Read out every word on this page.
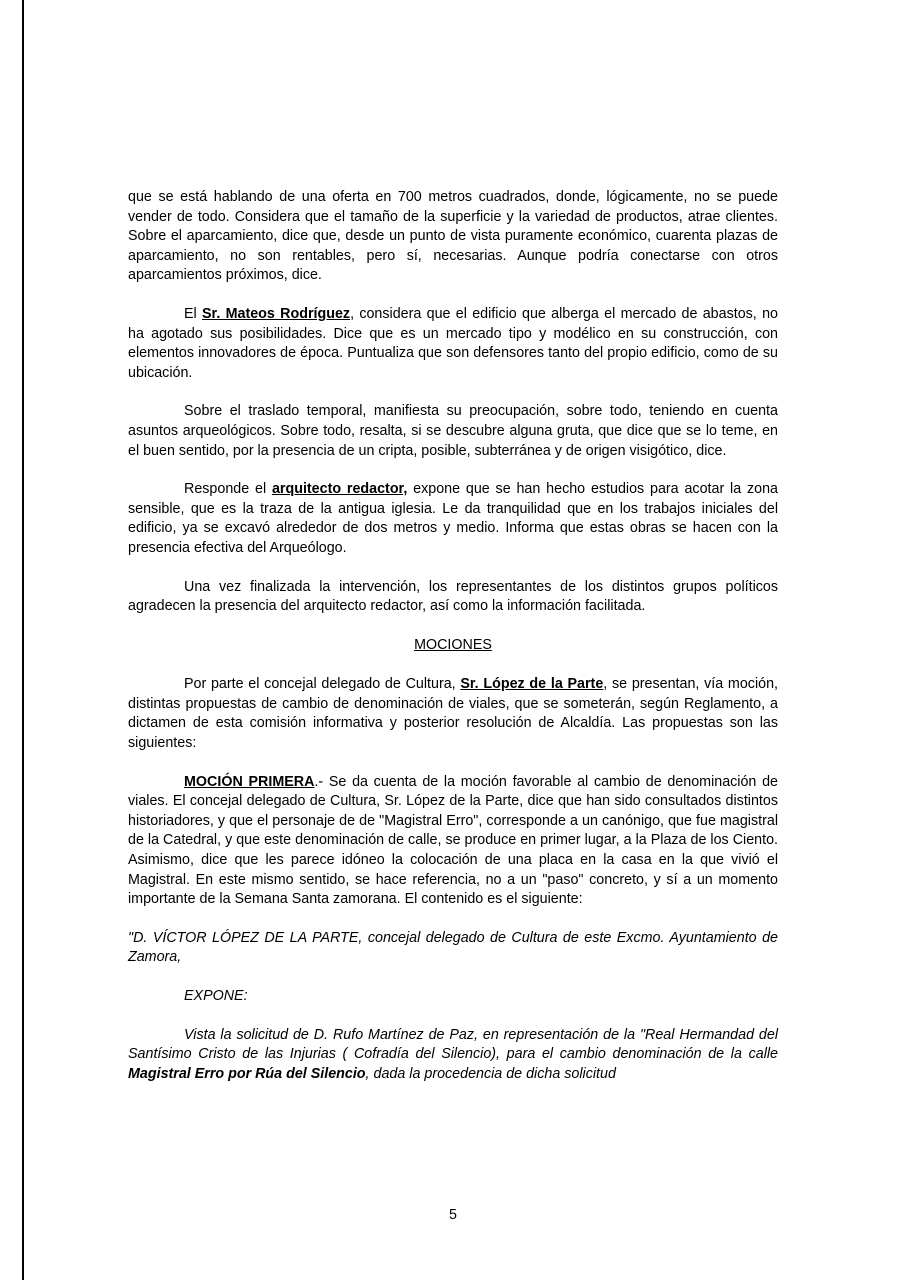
que se está hablando de una oferta en 700 metros cuadrados, donde, lógicamente, no se puede vender de todo. Considera que el tamaño de la superficie y la variedad de productos, atrae clientes. Sobre el aparcamiento, dice que, desde un punto de vista puramente económico, cuarenta plazas de aparcamiento, no son rentables, pero sí, necesarias. Aunque podría conectarse con otros aparcamientos próximos, dice.

El Sr. Mateos Rodríguez, considera que el edificio que alberga el mercado de abastos, no ha agotado sus posibilidades. Dice que es un mercado tipo y modélico en su construcción, con elementos innovadores de época. Puntualiza que son defensores tanto del propio edificio, como de su ubicación.

Sobre el traslado temporal, manifiesta su preocupación, sobre todo, teniendo en cuenta asuntos arqueológicos. Sobre todo, resalta, si se descubre alguna gruta, que dice que se lo teme, en el buen sentido, por la presencia de un cripta, posible, subterránea y de origen visigótico, dice.

Responde el arquitecto redactor, expone que se han hecho estudios para acotar la zona sensible, que es la traza de la antigua iglesia. Le da tranquilidad que en los trabajos iniciales del edificio, ya se excavó alrededor de dos metros y medio. Informa que estas obras se hacen con la presencia efectiva del Arqueólogo.

Una vez finalizada la intervención, los representantes de los distintos grupos políticos agradecen la presencia del arquitecto redactor, así como la información facilitada.

MOCIONES

Por parte el concejal delegado de Cultura, Sr. López de la Parte, se presentan, vía moción, distintas propuestas de cambio de denominación de viales, que se someterán, según Reglamento, a dictamen de esta comisión informativa y posterior resolución de Alcaldía. Las propuestas son las siguientes:

MOCIÓN PRIMERA.- Se da cuenta de la moción favorable al cambio de denominación de viales. El concejal delegado de Cultura, Sr. López de la Parte, dice que han sido consultados distintos historiadores, y que el personaje de de "Magistral Erro", corresponde a un canónigo, que fue magistral de la Catedral, y que este denominación de calle, se produce en primer lugar, a la Plaza de los Ciento. Asimismo, dice que les parece idóneo la colocación de una placa en la casa en la que vivió el Magistral. En este mismo sentido, se hace referencia, no a un "paso" concreto, y sí a un momento importante de la Semana Santa zamorana. El contenido es el siguiente:

"D. VÍCTOR LÓPEZ DE LA PARTE, concejal delegado de Cultura de este Excmo. Ayuntamiento de Zamora,

EXPONE:

Vista la solicitud de D. Rufo Martínez de Paz, en representación de la "Real Hermandad del Santísimo Cristo de las Injurias ( Cofradía del Silencio), para el cambio denominación de la calle Magistral Erro por Rúa del Silencio, dada la procedencia de dicha solicitud

5
